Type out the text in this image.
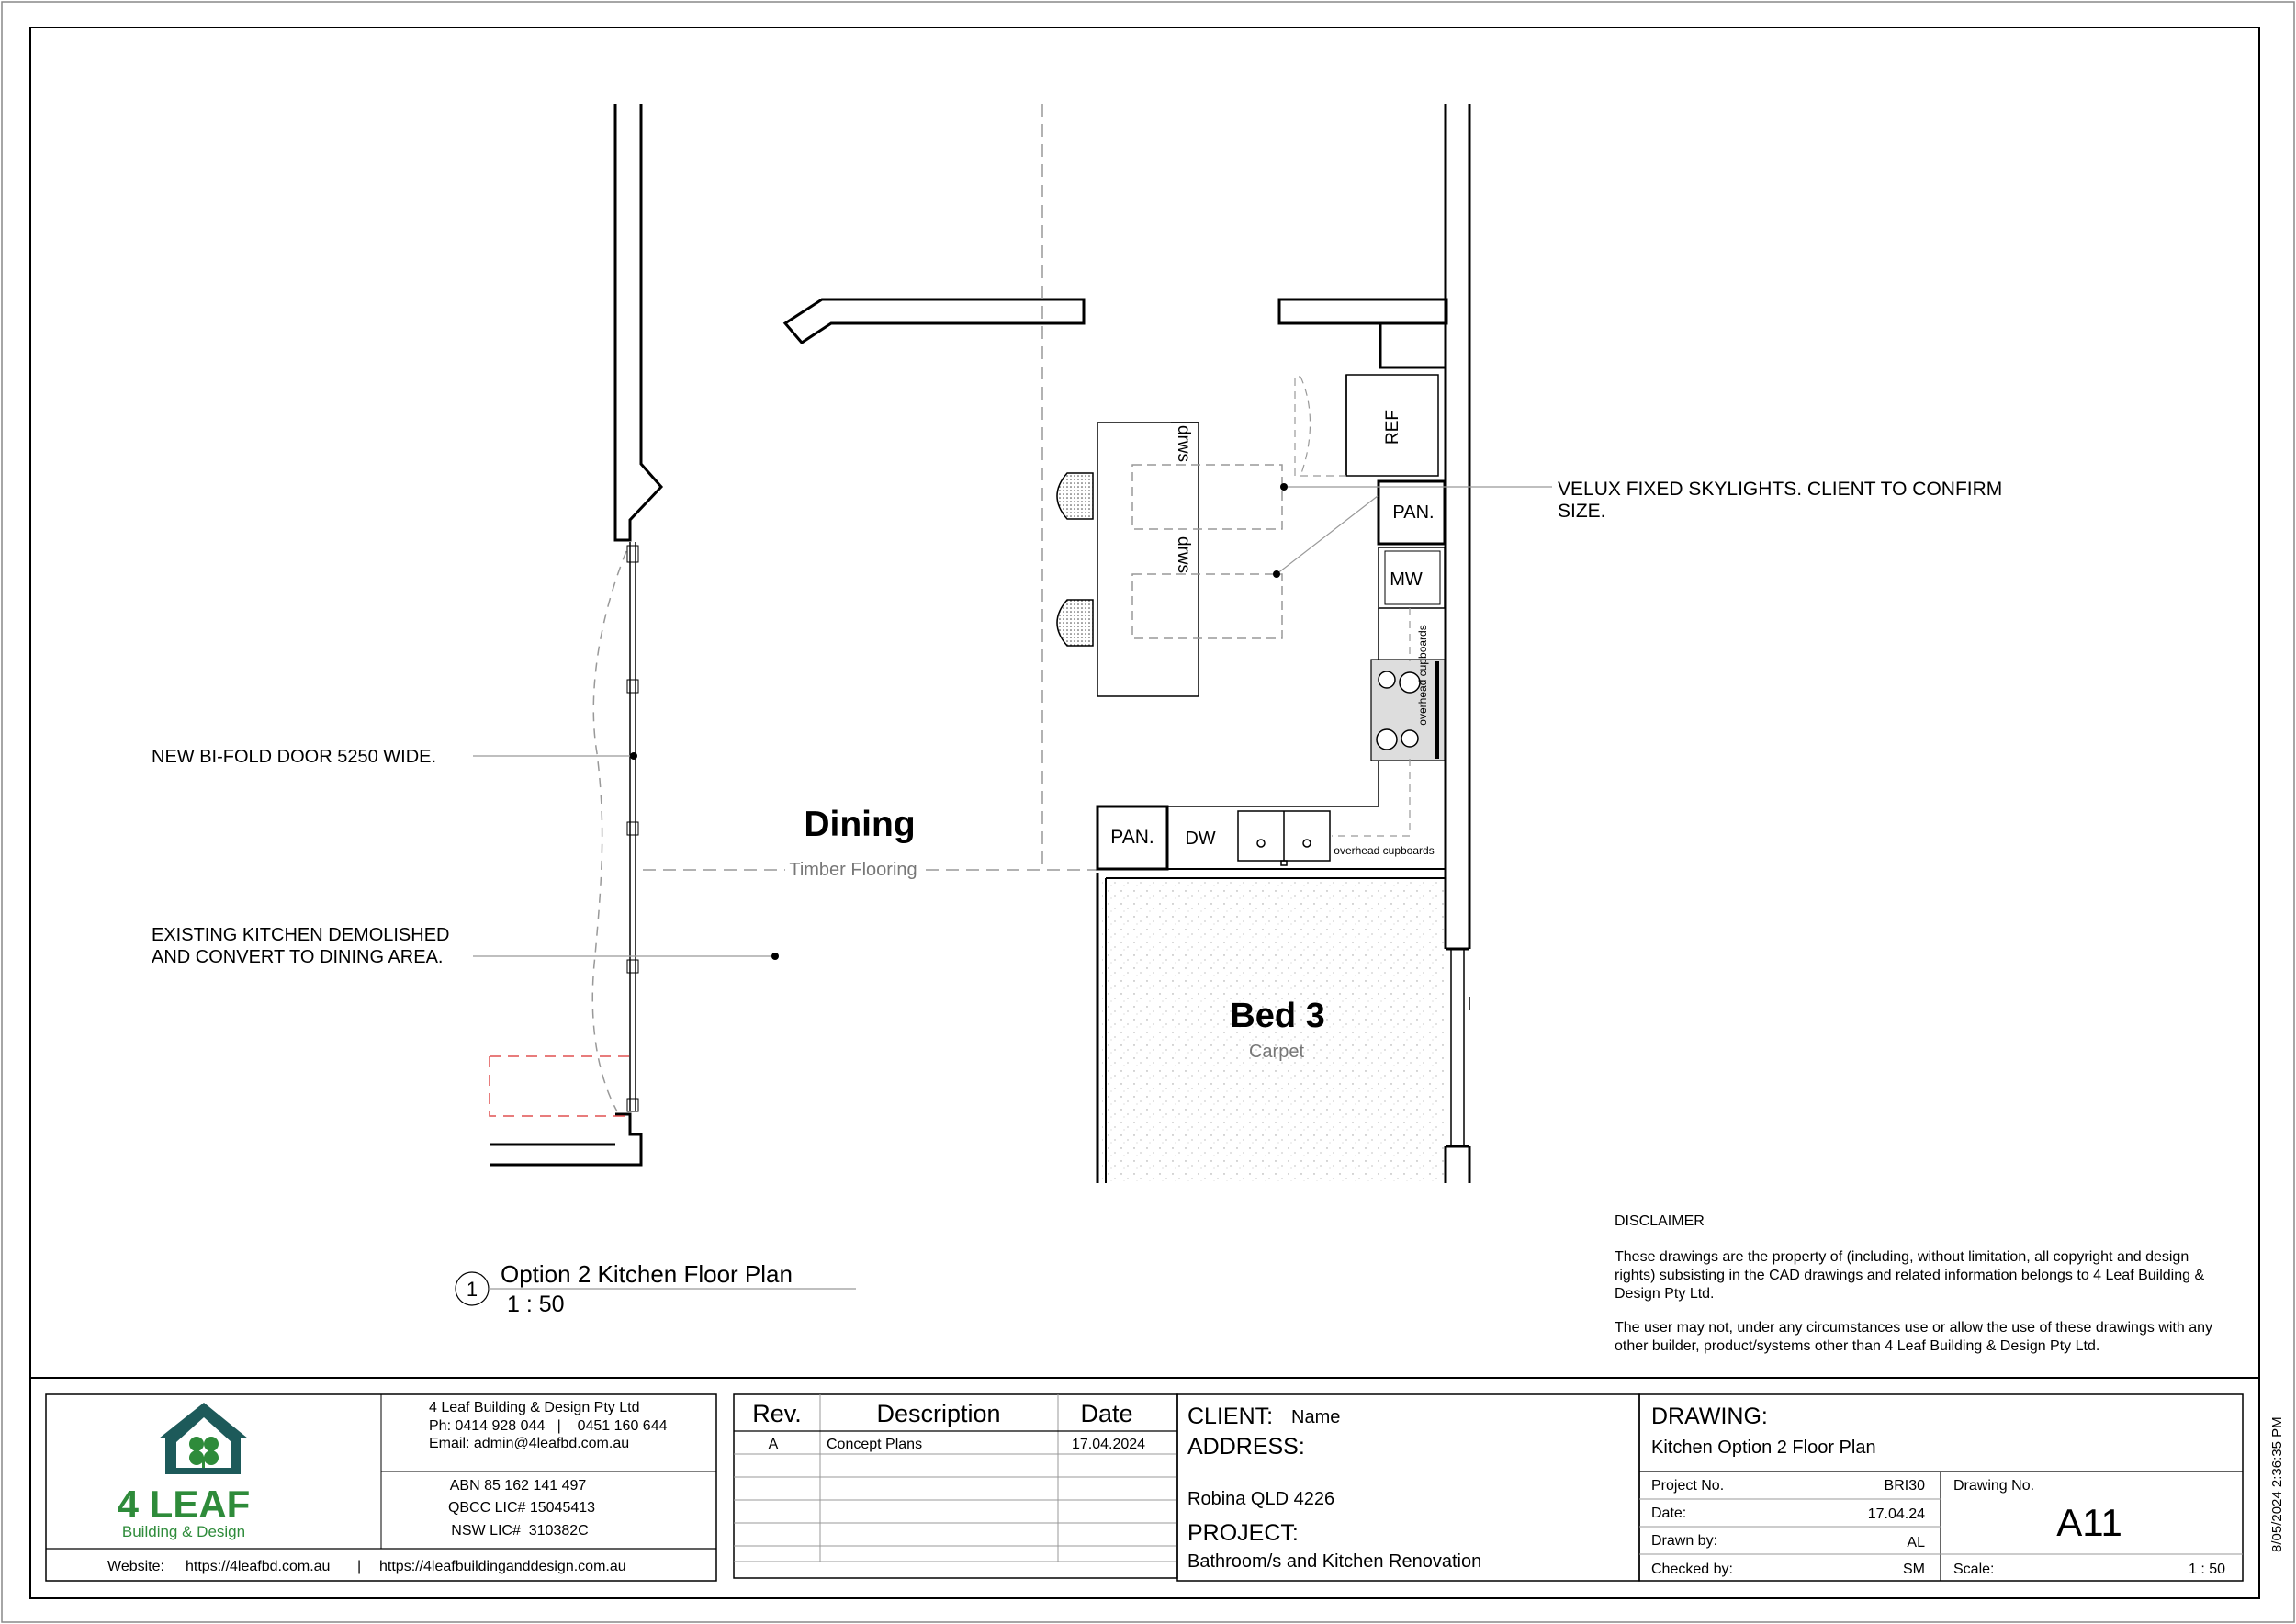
REF
PAN.
MW
PAN. DW
drws
drws
overhead cupboards
overhead cupboards
Dining
Timber Flooring
Bed 3
Carpet
VELUX FIXED SKYLIGHTS. CLIENT TO CONFIRM
SIZE.
NEW BI-FOLD DOOR 5250 WIDE.
EXISTING KITCHEN DEMOLISHED
AND CONVERT TO DINING AREA.
1
Option 2 Kitchen Floor Plan
1 : 50
DISCLAIMER
These drawings are the property of (including, without limitation, all copyright and design
rights) subsisting in the CAD drawings and related information belongs to 4 Leaf Building &
Design Pty Ltd.
The user may not, under any circumstances use or allow the use of these drawings with any
other builder, product/systems other than 4 Leaf Building & Design Pty Ltd.
4 LEAF
Building & Design
4 Leaf Building & Design Pty Ltd
Ph: 0414 928 044   |    0451 160 644
Email: admin@4leafbd.com.au
ABN 85 162 141 497
QBCC LIC# 15045413
NSW LIC#  310382C
Website: https://4leafbd.com.au | https://4leafbuildinganddesign.com.au
Rev.	Description	Date
A	Concept Plans	17.04.2024
CLIENT: Name
ADDRESS:
Robina QLD 4226
PROJECT:
Bathroom/s and Kitchen Renovation
DRAWING:
Kitchen Option 2 Floor Plan
Project No.	BRI30
Date:	17.04.24
Drawn by:	AL
Checked by:	SM
Drawing No.
A11
Scale:	1 : 50
8/05/2024 2:36:35 PM
